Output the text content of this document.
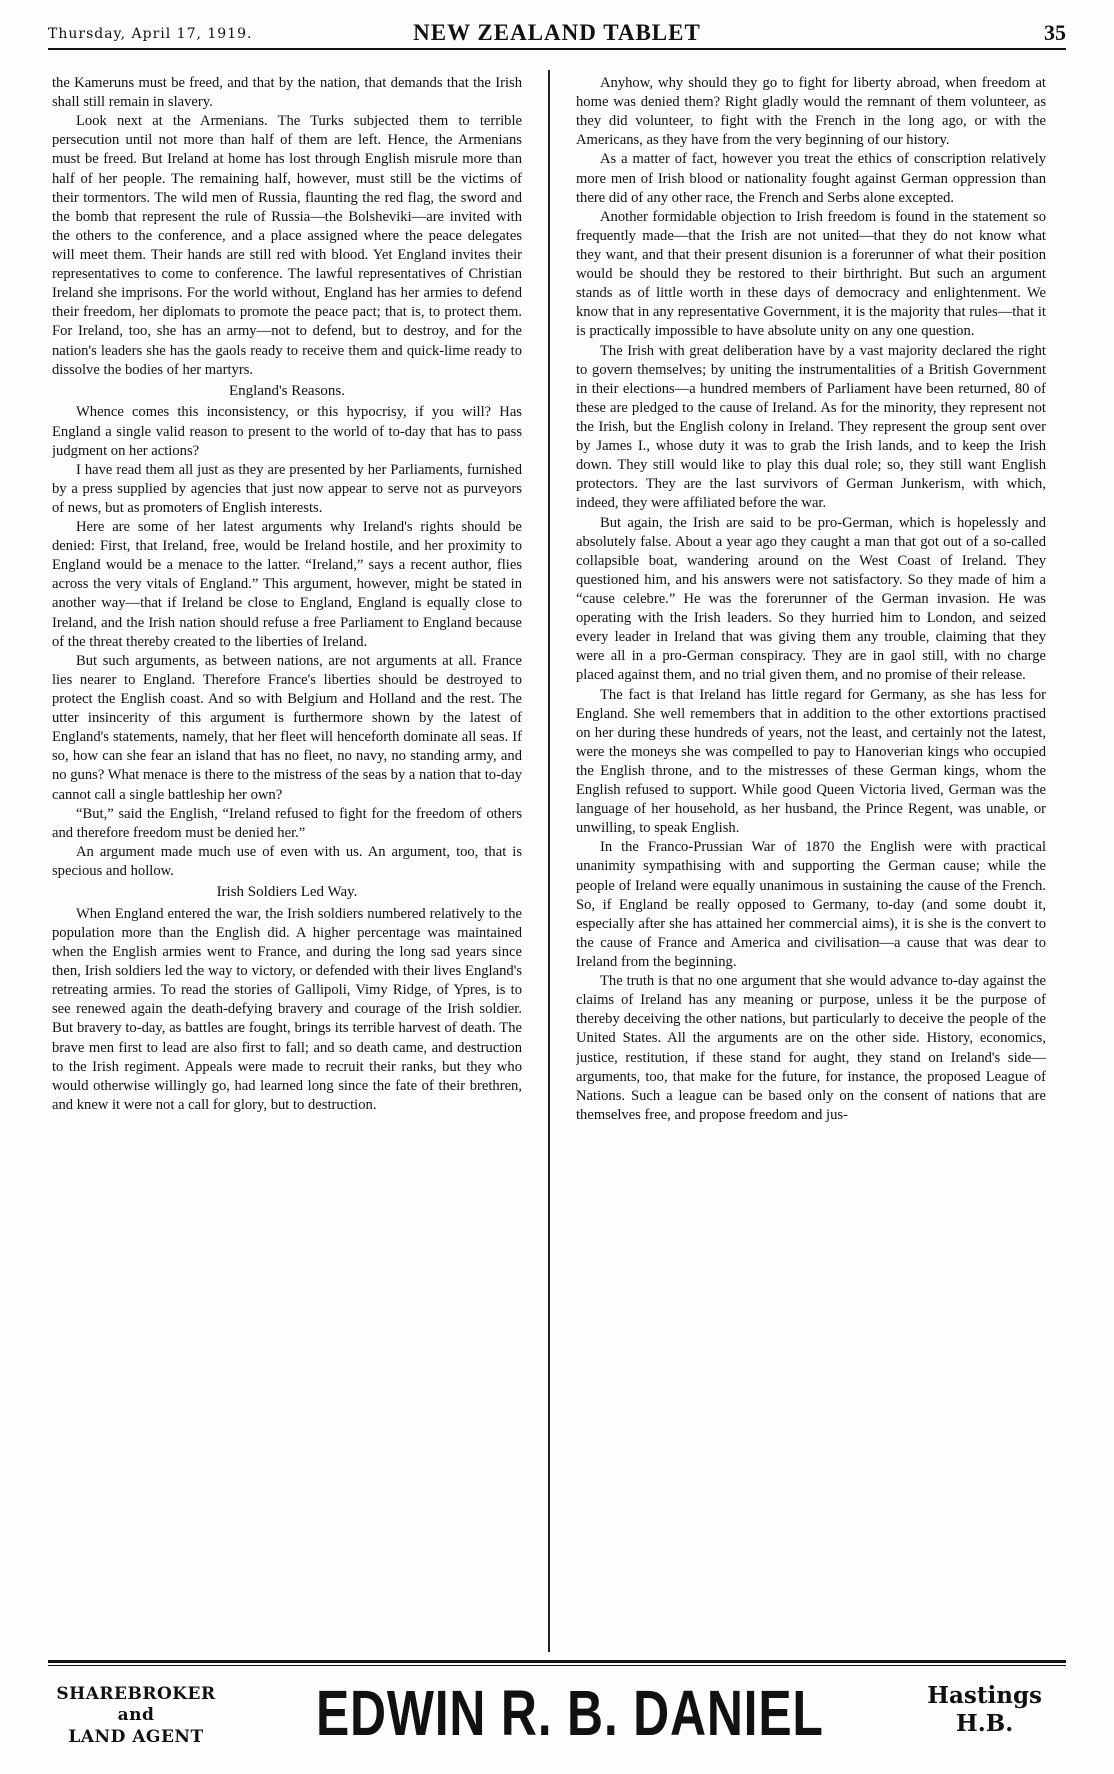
Thursday, April 17, 1919.	NEW ZEALAND TABLET	35

the Kameruns must be freed, and that by the nation, that demands that the Irish shall still remain in slavery.

Look next at the Armenians. The Turks subjected them to terrible persecution until not more than half of them are left. Hence, the Armenians must be freed. But Ireland at home has lost through English misrule more than half of her people. The remaining half, however, must still be the victims of their tormentors. The wild men of Russia, flaunting the red flag, the sword and the bomb that represent the rule of Russia—the Bolsheviki—are invited with the others to the conference, and a place assigned where the peace delegates will meet them. Their hands are still red with blood. Yet England invites their representatives to come to conference. The lawful representatives of Christian Ireland she imprisons. For the world without, England has her armies to defend their freedom, her diplomats to promote the peace pact; that is, to protect them. For Ireland, too, she has an army—not to defend, but to destroy, and for the nation's leaders she has the gaols ready to receive them and quick-lime ready to dissolve the bodies of her martyrs.

England's Reasons.

Whence comes this inconsistency, or this hypocrisy, if you will? Has England a single valid reason to present to the world of to-day that has to pass judgment on her actions?

I have read them all just as they are presented by her Parliaments, furnished by a press supplied by agencies that just now appear to serve not as purveyors of news, but as promoters of English interests.

Here are some of her latest arguments why Ireland's rights should be denied: First, that Ireland, free, would be Ireland hostile, and her proximity to England would be a menace to the latter. “Ireland,” says a recent author, flies across the very vitals of England.” This argument, however, might be stated in another way—that if Ireland be close to England, England is equally close to Ireland, and the Irish nation should refuse a free Parliament to England because of the threat thereby created to the liberties of Ireland.

But such arguments, as between nations, are not arguments at all. France lies nearer to England. Therefore France's liberties should be destroyed to protect the English coast. And so with Belgium and Holland and the rest. The utter insincerity of this argument is furthermore shown by the latest of England's statements, namely, that her fleet will henceforth dominate all seas. If so, how can she fear an island that has no fleet, no navy, no standing army, and no guns? What menace is there to the mistress of the seas by a nation that to-day cannot call a single battleship her own?

“But,” said the English, “Ireland refused to fight for the freedom of others and therefore freedom must be denied her.”

An argument made much use of even with us. An argument, too, that is specious and hollow.

Irish Soldiers Led Way.

When England entered the war, the Irish soldiers numbered relatively to the population more than the English did. A higher percentage was maintained when the English armies went to France, and during the long sad years since then, Irish soldiers led the way to victory, or defended with their lives England's retreating armies. To read the stories of Gallipoli, Vimy Ridge, of Ypres, is to see renewed again the death-defying bravery and courage of the Irish soldier. But bravery to-day, as battles are fought, brings its terrible harvest of death. The brave men first to lead are also first to fall; and so death came, and destruction to the Irish regiment. Appeals were made to recruit their ranks, but they who would otherwise willingly go, had learned long since the fate of their brethren, and knew it were not a call for glory, but to destruction.

Anyhow, why should they go to fight for liberty abroad, when freedom at home was denied them? Right gladly would the remnant of them volunteer, as they did volunteer, to fight with the French in the long ago, or with the Americans, as they have from the very beginning of our history.

As a matter of fact, however you treat the ethics of conscription relatively more men of Irish blood or nationality fought against German oppression than there did of any other race, the French and Serbs alone excepted.

Another formidable objection to Irish freedom is found in the statement so frequently made—that the Irish are not united—that they do not know what they want, and that their present disunion is a forerunner of what their position would be should they be restored to their birthright. But such an argument stands as of little worth in these days of democracy and enlightenment. We know that in any representative Government, it is the majority that rules—that it is practically impossible to have absolute unity on any one question.

The Irish with great deliberation have by a vast majority declared the right to govern themselves; by uniting the instrumentalities of a British Government in their elections—a hundred members of Parliament have been returned, 80 of these are pledged to the cause of Ireland. As for the minority, they represent not the Irish, but the English colony in Ireland. They represent the group sent over by James I., whose duty it was to grab the Irish lands, and to keep the Irish down. They still would like to play this dual role; so, they still want English protectors. They are the last survivors of German Junkerism, with which, indeed, they were affiliated before the war.

But again, the Irish are said to be pro-German, which is hopelessly and absolutely false. About a year ago they caught a man that got out of a so-called collapsible boat, wandering around on the West Coast of Ireland. They questioned him, and his answers were not satisfactory. So they made of him a “cause celebre.” He was the forerunner of the German invasion. He was operating with the Irish leaders. So they hurried him to London, and seized every leader in Ireland that was giving them any trouble, claiming that they were all in a pro-German conspiracy. They are in gaol still, with no charge placed against them, and no trial given them, and no promise of their release.

The fact is that Ireland has little regard for Germany, as she has less for England. She well remembers that in addition to the other extortions practised on her during these hundreds of years, not the least, and certainly not the latest, were the moneys she was compelled to pay to Hanoverian kings who occupied the English throne, and to the mistresses of these German kings, whom the English refused to support. While good Queen Victoria lived, German was the language of her household, as her husband, the Prince Regent, was unable, or unwilling, to speak English.

In the Franco-Prussian War of 1870 the English were with practical unanimity sympathising with and supporting the German cause; while the people of Ireland were equally unanimous in sustaining the cause of the French. So, if England be really opposed to Germany, to-day (and some doubt it, especially after she has attained her commercial aims), it is she is the convert to the cause of France and America and civilisation—a cause that was dear to Ireland from the beginning.

The truth is that no one argument that she would advance to-day against the claims of Ireland has any meaning or purpose, unless it be the purpose of thereby deceiving the other nations, but particularly to deceive the people of the United States. All the arguments are on the other side. History, economics, justice, restitution, if these stand for aught, they stand on Ireland's side—arguments, too, that make for the future, for instance, the proposed League of Nations. Such a league can be based only on the consent of nations that are themselves free, and propose freedom and jus-

SHAREBROKER
and
LAND AGENT EDWIN R. B. DANIEL	Hastings
H.B.
